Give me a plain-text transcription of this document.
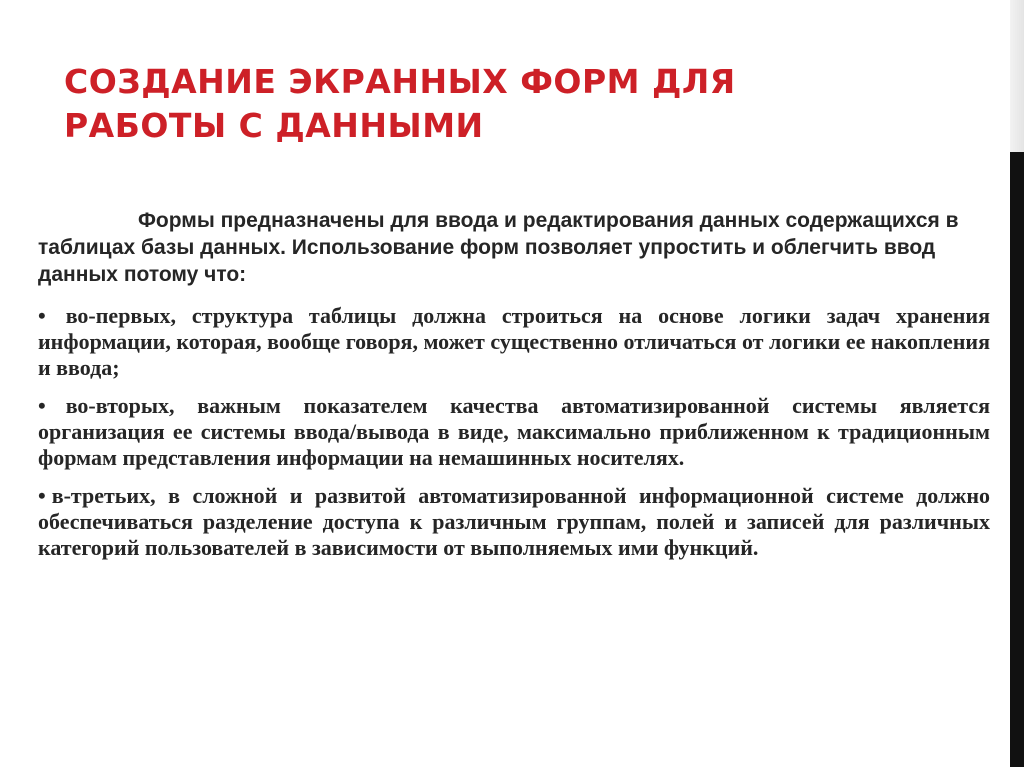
СОЗДАНИЕ ЭКРАННЫХ ФОРМ ДЛЯ
РАБОТЫ С ДАННЫМИ

Формы предназначены для ввода и редактирования данных содержащихся в таблицах базы данных. Использование форм позволяет упростить и облегчить ввод данных потому что:

• во-первых, структура таблицы должна строиться на основе логики задач хранения информации, которая, вообще говоря, может существенно отличаться от логики ее накопления и ввода;
• во-вторых, важным показателем качества автоматизированной системы является организация ее системы ввода/вывода в виде, максимально приближенном к традиционным формам представления информации на немашинных носителях.
• в-третьих, в сложной и развитой автоматизированной информационной системе должно обеспечиваться разделение доступа к различным группам, полей и записей для различных категорий пользователей в зависимости от выполняемых ими функций.
